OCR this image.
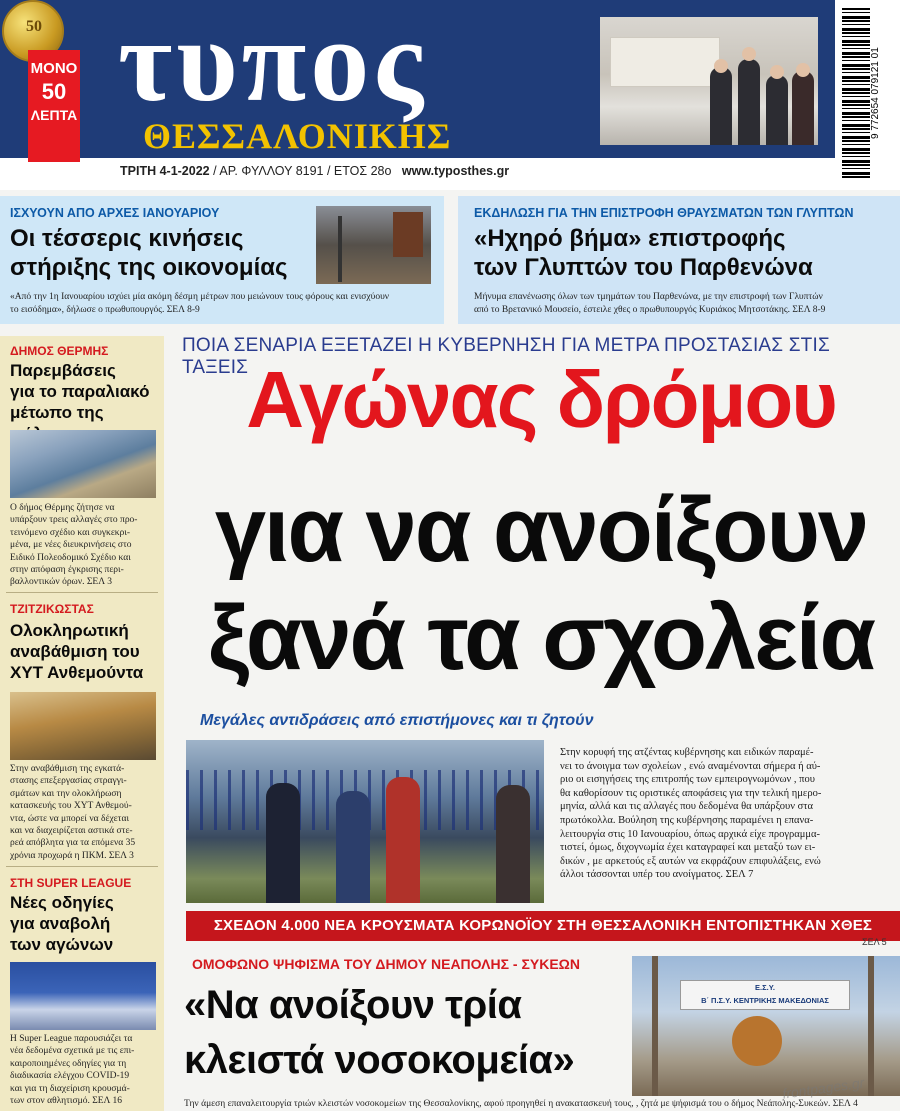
50
ΜΟΝΟ
50
ΛΕΠΤΑ τυπος
ΘΕΣΣΑΛΟΝΙΚΗΣ
ΤΡΙΤΗ 4-1-2022 / ΑΡ. ΦΥΛΛΟΥ 8191 / ΕΤΟΣ 28ο www.typosthes.gr
9 772654 079121 01
ΙΣΧΥΟΥΝ ΑΠΟ ΑΡΧΕΣ ΙΑΝΟΥΑΡΙΟΥ
Οι τέσσερις κινήσεις
στήριξης της οικονομίας
«Από την 1η Ιανουαρίου ισχύει μία ακόμη δέσμη μέτρων που μειώνουν τους φόρους και ενισχύουν
το εισόδημα», δήλωσε ο πρωθυπουργός. ΣΕΛ 8-9
ΕΚΔΗΛΩΣΗ ΓΙΑ ΤΗΝ ΕΠΙΣΤΡΟΦΗ ΘΡΑΥΣΜΑΤΩΝ ΤΩΝ ΓΛΥΠΤΩΝ
«Ηχηρό βήμα» επιστροφής
των Γλυπτών του Παρθενώνα
Μήνυμα επανένωσης όλων των τμημάτων του Παρθενώνα, με την επιστροφή των Γλυπτών
από το Βρετανικό Μουσείο, έστειλε χθες ο πρωθυπουργός Κυριάκος Μητσοτάκης. ΣΕΛ 8-9
ΔΗΜΟΣ ΘΕΡΜΗΣ
Παρεμβάσεις
για το παραλιακό
μέτωπο της
Ο δήμος Θέρμης ζήτησε να
υπάρξουν τρεις αλλαγές στο προ-
τεινόμενο σχέδιο και συγκεκρι-
μένα, με νέες διευκρινήσεις στο
Ειδικό Πολεοδομικό Σχέδιο και
στην απόφαση έγκρισης περι-
βαλλοντικών όρων. ΣΕΛ 3
ΤΖΙΤΖΙΚΩΣΤΑΣ
Ολοκληρωτική
αναβάθμιση του
ΧΥΤ Ανθεμούντα
Στην αναβάθμιση της εγκατά-
στασης επεξεργασίας στραγγι-
σμάτων και την ολοκλήρωση
κατασκευής του ΧΥΤ Ανθεμού-
ντα, ώστε να μπορεί να δέχεται
και να διαχειρίζεται αστικά στε-
ρεά απόβλητα για τα επόμενα 35
χρόνια προχωρά η ΠΚΜ. ΣΕΛ 3
ΣΤΗ SUPER LEAGUE
Νέες οδηγίες
για αναβολή
των αγώνων
Η Super League παρουσιάζει τα
νέα δεδομένα σχετικά με τις επι-
καιροποιημένες οδηγίες για τη
διαδικασία ελέγχου COVID-19
και για τη διαχείριση κρουσμά-
των στον αθλητισμό. ΣΕΛ 16
ΠΟΙΑ ΣΕΝΑΡΙΑ ΕΞΕΤΑΖΕΙ Η ΚΥΒΕΡΝΗΣΗ ΓΙΑ ΜΕΤΡΑ ΠΡΟΣΤΑΣΙΑΣ ΣΤΙΣ ΤΑΞΕΙΣ
Αγώνας δρόμου
για να ανοίξουν
ξανά τα σχολεία
Μεγάλες αντιδράσεις από επιστήμονες και τι ζητούν
Στην κορυφή της ατζέντας κυβέρνησης και ειδικών παραμέ-
νει το άνοιγμα των σχολείων , ενώ αναμένονται σήμερα ή αύ-
ριο οι εισηγήσεις της επιτροπής των εμπειρογνωμόνων , που
θα καθορίσουν τις οριστικές αποφάσεις για την τελική ημερο-
μηνία, αλλά και τις αλλαγές που δεδομένα θα υπάρξουν στα
πρωτόκολλα. Βούληση της κυβέρνησης παραμένει η επανα-
λειτουργία στις 10 Ιανουαρίου, όπως αρχικά είχε προγραμμα-
τιστεί, όμως, διχογνωμία έχει καταγραφεί και μεταξύ των ει-
δικών , με αρκετούς εξ αυτών να εκφράζουν επιφυλάξεις, ενώ
άλλοι τάσσονται υπέρ του ανοίγματος. ΣΕΛ 7
ΣΧΕΔΟΝ 4.000 ΝΕΑ ΚΡΟΥΣΜΑΤΑ ΚΟΡΩΝΟΪΟΥ ΣΤΗ ΘΕΣΣΑΛΟΝΙΚΗ ΕΝΤΟΠΙΣΤΗΚΑΝ ΧΘΕΣ
ΣΕΛ 5
ΟΜΟΦΩΝΟ ΨΗΦΙΣΜΑ ΤΟΥ ΔΗΜΟΥ ΝΕΑΠΟΛΗΣ - ΣΥΚΕΩΝ
«Να ανοίξουν τρία
κλειστά νοσοκομεία»
Ε.Σ.Υ.
Β΄ Π.Σ.Υ. ΚΕΝΤΡΙΚΗΣ ΜΑΚΕΔΟΝΙΑΣ
Την άμεση επαναλειτουργία τριών κλειστών νοσοκομείων της Θεσσαλονίκης, αφού προηγηθεί η ανακατασκευή τους, , ζητά με ψήφισμά του ο δήμος Νεάπολης-Συκεών. ΣΕΛ 4
frontpages.gr
